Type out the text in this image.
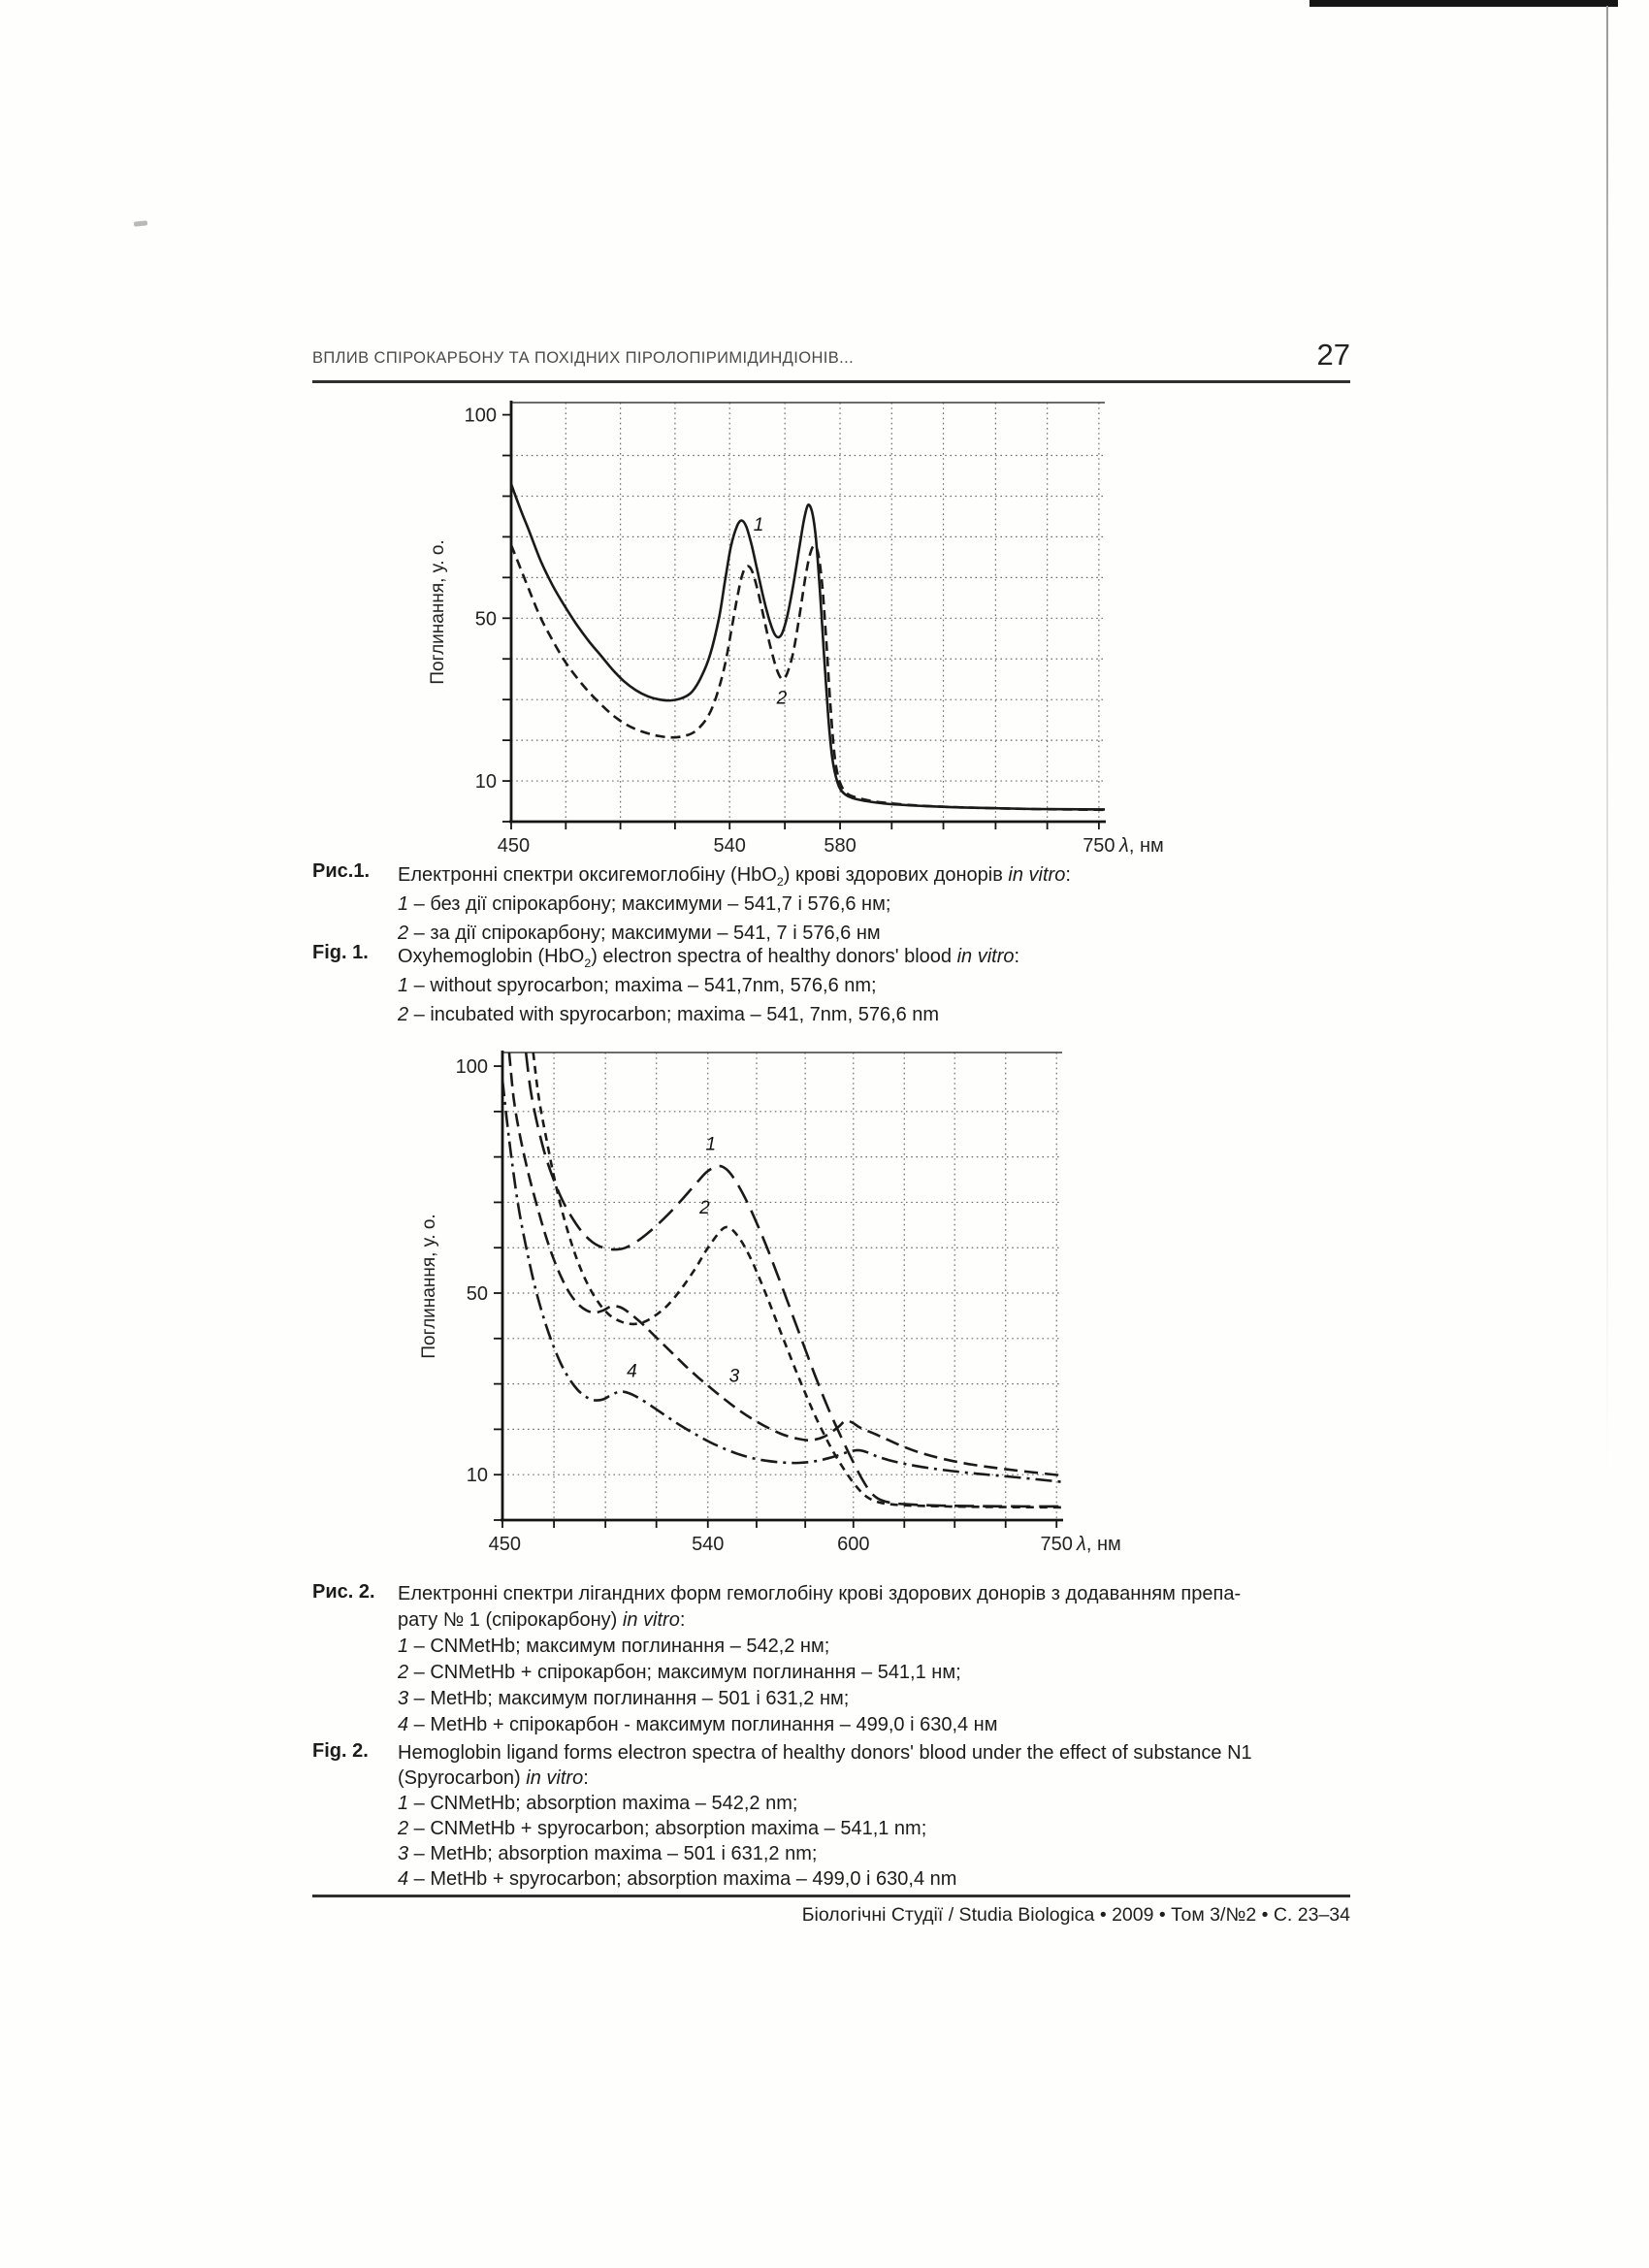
ВПЛИВ СПІРОКАРБОНУ ТА ПОХІДНИХ ПІРОЛОПІРИМІДИНДІОНІВ...	27
100
50
10
450	540	580	750 λ, нм
Поглинання, у. о.
1
2
Рис.1. Електронні спектри оксигемоглобіну (HbO$_2$) крові здорових донорів in vitro:
1 – без дії спірокарбону; максимуми – 541,7 і 576,6 нм;
2 – за дії спірокарбону; максимуми – 541, 7 і 576,6 нм
Fig. 1. Oxyhemoglobin (HbO$_2$) electron spectra of healthy donors' blood in vitro:
1 – without spyrocarbon; maxima – 541,7nm, 576,6 nm;
2 – incubated with spyrocarbon; maxima – 541, 7nm, 576,6 nm
100
50
10
450	540	600	750 λ, нм
Поглинання, у. о.
1
2
3
4
Рис. 2. Електронні спектри лігандних форм гемоглобіну крові здорових донорів з додаванням препа-
рату № 1 (спірокарбону) in vitro:
1 – CNMetHb; максимум поглинання – 542,2 нм;
2 – CNMetHb + спірокарбон; максимум поглинання – 541,1 нм;
3 – MetHb; максимум поглинання – 501 і 631,2 нм;
4 – MetHb + спірокарбон - максимум поглинання – 499,0 і 630,4 нм
Fig. 2. Hemoglobin ligand forms electron spectra of healthy donors' blood under the effect of substance N1
(Spyrocarbon) in vitro:
1 – CNMetHb; absorption maxima – 542,2 nm;
2 – CNMetHb + spyrocarbon; absorption maxima – 541,1 nm;
3 – MetHb; absorption maxima – 501 i 631,2 nm;
4 – MetHb + spyrocarbon; absorption maxima – 499,0 i 630,4 nm
Біологічні Студії / Studia Biologica • 2009 • Том 3/№2 • С. 23–34
